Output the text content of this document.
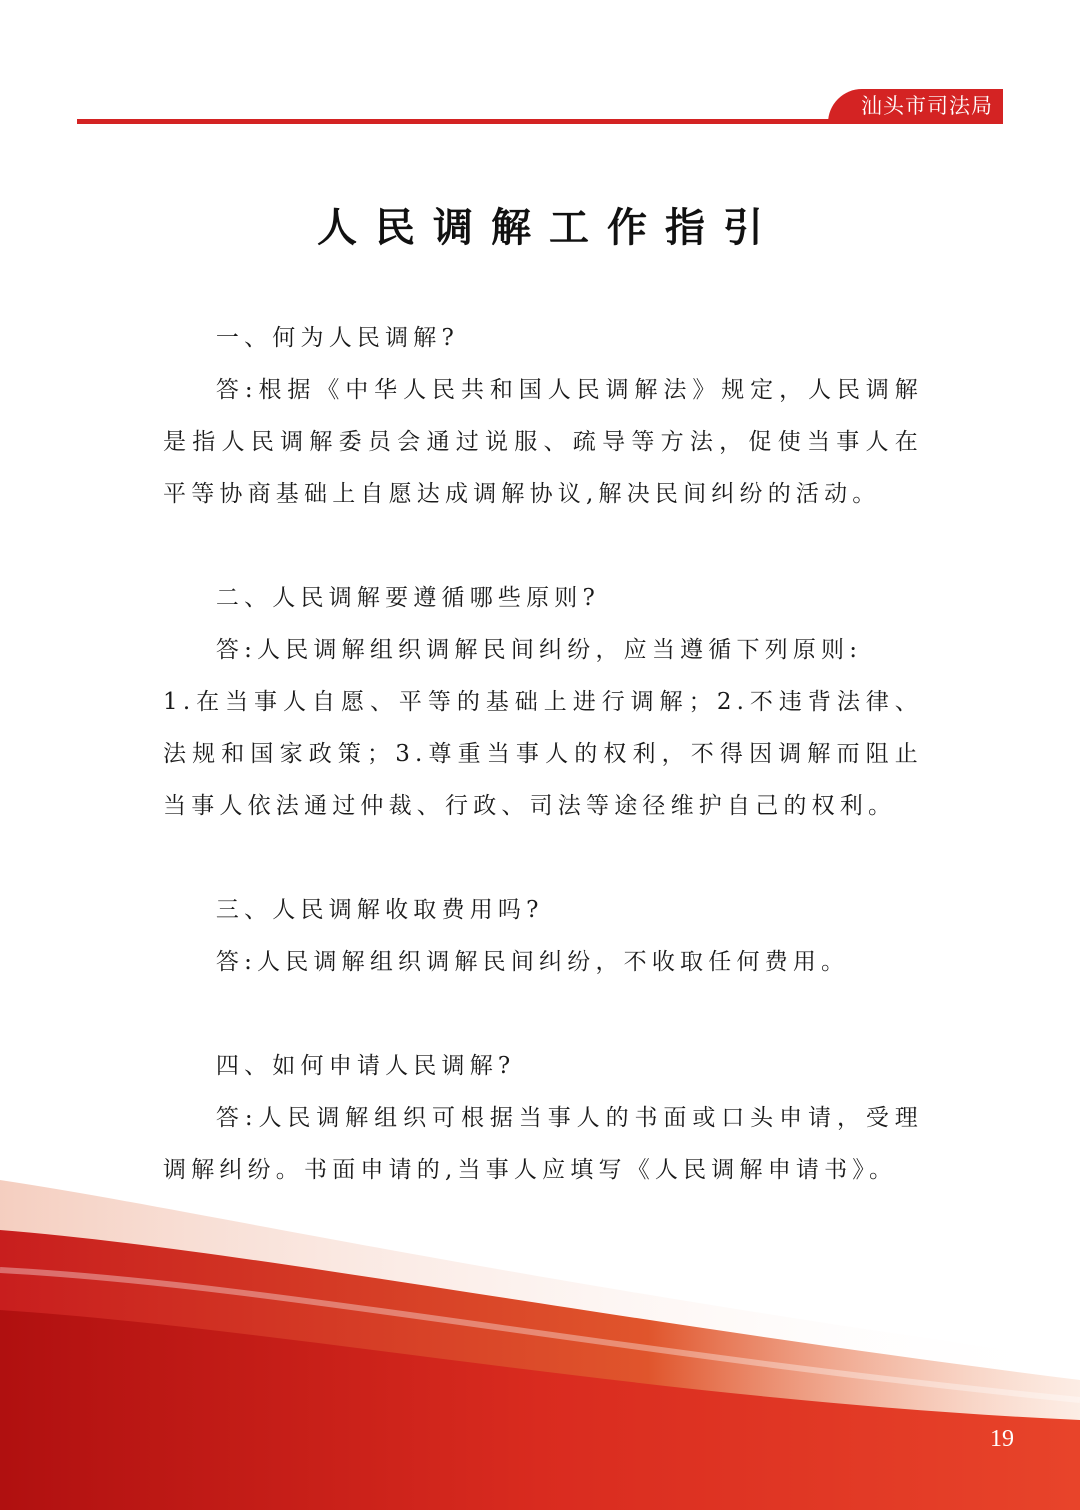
汕头市司法局
人民调解工作指引

一、何为人民调解?

答:根据《中华人民共和国人民调解法》规定，人民调解是指人民调解委员会通过说服、疏导等方法，促使当事人在平等协商基础上自愿达成调解协议,解决民间纠纷的活动。

二、人民调解要遵循哪些原则?

答:人民调解组织调解民间纠纷，应当遵循下列原则:

1.在当事人自愿、平等的基础上进行调解；2.不违背法律、法规和国家政策；3.尊重当事人的权利，不得因调解而阻止当事人依法通过仲裁、行政、司法等途径维护自己的权利。

三、人民调解收取费用吗?

答:人民调解组织调解民间纠纷，不收取任何费用。

四、如何申请人民调解?

答:人民调解组织可根据当事人的书面或口头申请，受理调解纠纷。书面申请的,当事人应填写《人民调解申请书》。

19
